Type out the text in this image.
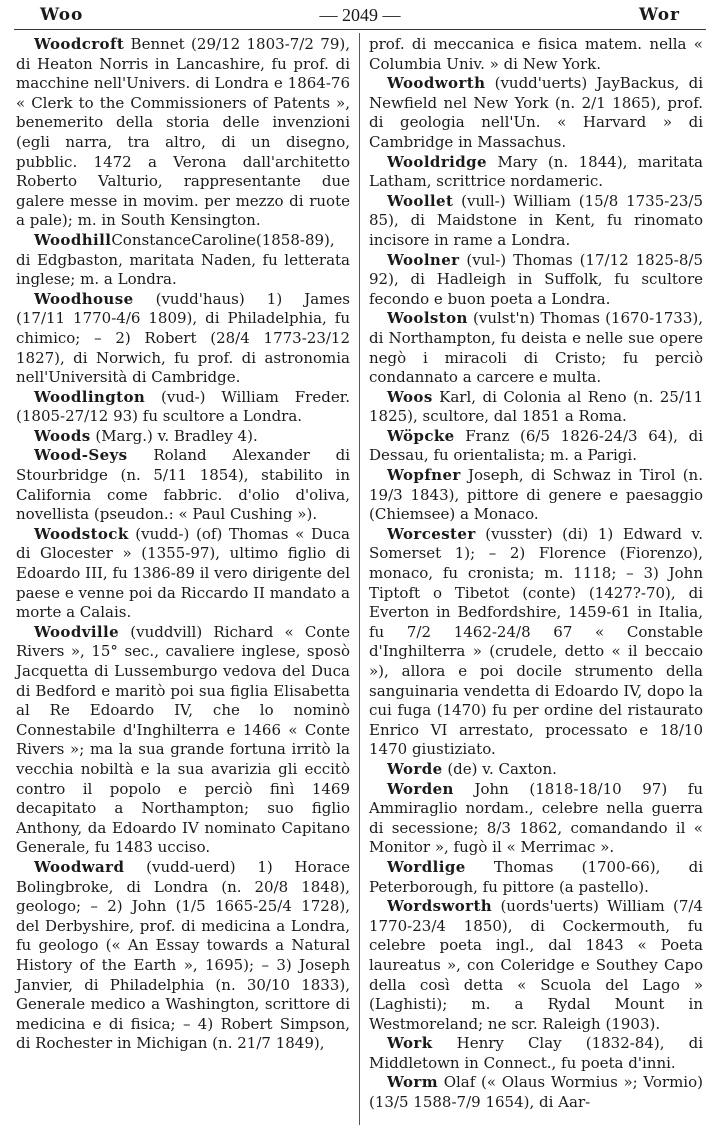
Woo	— 2049 —	Wor

Woodcroft Bennet (29/12 1803-7/2 79), di Heaton Norris in Lancashire, fu prof. di macchine nell'Univers. di Londra e 1864-76 « Clerk to the Commissioners of Patents », benemerito della storia delle invenzioni (egli narra, tra altro, di un disegno, pubblic. 1472 a Verona dall'architetto Roberto Valturio, rappresentante due galere messe in movim. per mezzo di ruote a pale); m. in South Kensington.

WoodhillConstanceCaroline(1858-89), di Edgbaston, maritata Naden, fu letterata inglese; m. a Londra.

Woodhouse (vudd'haus) 1) James (17/11 1770-4/6 1809), di Philadelphia, fu chimico; – 2) Robert (28/4 1773-23/12 1827), di Norwich, fu prof. di astronomia nell'Università di Cambridge.

Woodlington (vud-) William Freder. (1805-27/12 93) fu scultore a Londra.

Woods (Marg.) v. Bradley 4).

Wood-Seys Roland Alexander di Stourbridge (n. 5/11 1854), stabilito in California come fabbric. d'olio d'oliva, novellista (pseudon.: « Paul Cushing »).

Woodstock (vudd-) (of) Thomas « Duca di Glocester » (1355-97), ultimo figlio di Edoardo III, fu 1386-89 il vero dirigente del paese e venne poi da Riccardo II mandato a morte a Calais.

Woodville (vuddvill) Richard « Conte Rivers », 15° sec., cavaliere inglese, sposò Jacquetta di Lussemburgo vedova del Duca di Bedford e maritò poi sua figlia Elisabetta al Re Edoardo IV, che lo nominò Connestabile d'Inghilterra e 1466 « Conte Rivers »; ma la sua grande fortuna irritò la vecchia nobiltà e la sua avarizia gli eccitò contro il popolo e perciò finì 1469 decapitato a Northampton; suo figlio Anthony, da Edoardo IV nominato Capitano Generale, fu 1483 ucciso.

Woodward (vudd-uerd) 1) Horace Bolingbroke, di Londra (n. 20/8 1848), geologo; – 2) John (1/5 1665-25/4 1728), del Derbyshire, prof. di medicina a Londra, fu geologo (« An Essay towards a Natural History of the Earth », 1695); – 3) Joseph Janvier, di Philadelphia (n. 30/10 1833), Generale medico a Washington, scrittore di medicina e di fisica; – 4) Robert Simpson, di Rochester in Michigan (n. 21/7 1849),

prof. di meccanica e fisica matem. nella « Columbia Univ. » di New York.

Woodworth (vudd'uerts) JayBackus, di Newfield nel New York (n. 2/1 1865), prof. di geologia nell'Un. « Harvard » di Cambridge in Massachus.

Wooldridge Mary (n. 1844), maritata Latham, scrittrice nordameric.

Woollet (vull-) William (15/8 1735-23/5 85), di Maidstone in Kent, fu rinomato incisore in rame a Londra.

Woolner (vul-) Thomas (17/12 1825-8/5 92), di Hadleigh in Suffolk, fu scultore fecondo e buon poeta a Londra.

Woolston (vulst'n) Thomas (1670-1733), di Northampton, fu deista e nelle sue opere negò i miracoli di Cristo; fu perciò condannato a carcere e multa.

Woos Karl, di Colonia al Reno (n. 25/11 1825), scultore, dal 1851 a Roma.

Wöpcke Franz (6/5 1826-24/3 64), di Dessau, fu orientalista; m. a Parigi.

Wopfner Joseph, di Schwaz in Tirol (n. 19/3 1843), pittore di genere e paesaggio (Chiemsee) a Monaco.

Worcester (vusster) (di) 1) Edward v. Somerset 1); – 2) Florence (Fiorenzo), monaco, fu cronista; m. 1118; – 3) John Tiptoft o Tibetot (conte) (1427?-70), di Everton in Bedfordshire, 1459-61 in Italia, fu 7/2 1462-24/8 67 « Constable d'Inghilterra » (crudele, detto « il beccaio »), allora e poi docile strumento della sanguinaria vendetta di Edoardo IV, dopo la cui fuga (1470) fu per ordine del ristaurato Enrico VI arrestato, processato e 18/10 1470 giustiziato.

Worde (de) v. Caxton.

Worden John (1818-18/10 97) fu Ammiraglio nordam., celebre nella guerra di secessione; 8/3 1862, comandando il « Monitor », fugò il « Merrimac ».

Wordlige Thomas (1700-66), di Peterborough, fu pittore (a pastello).

Wordsworth (uords'uerts) William (7/4 1770-23/4 1850), di Cockermouth, fu celebre poeta ingl., dal 1843 « Poeta laureatus », con Coleridge e Southey Capo della così detta « Scuola del Lago » (Laghisti); m. a Rydal Mount in Westmoreland; ne scr. Raleigh (1903).

Work Henry Clay (1832-84), di Middletown in Connect., fu poeta d'inni.

Worm Olaf (« Olaus Wormius »; Vormio) (13/5 1588-7/9 1654), di Aar-
